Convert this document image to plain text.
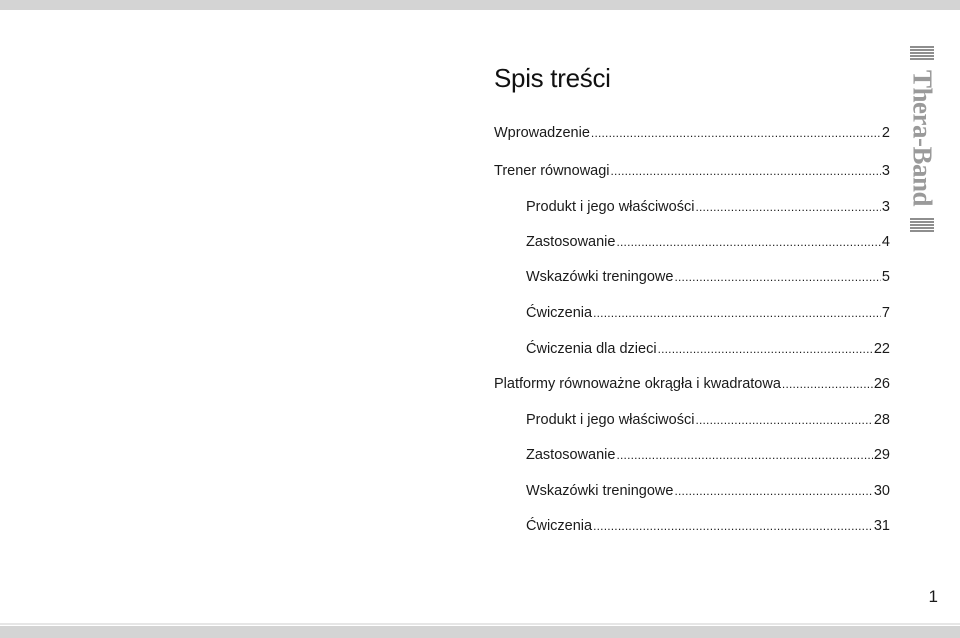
Spis treści
Wprowadzenie .....	2
Trener równowagi .....	3
Produkt i jego właściwości .....	3
Zastosowanie .....	4
Wskazówki treningowe .....	5
Ćwiczenia .....	7
Ćwiczenia dla dzieci .....	22
Platformy równoważne okrągła i kwadratowa .....	26
Produkt i jego właściwości .....	28
Zastosowanie .....	29
Wskazówki treningowe .....	30
Ćwiczenia .....	31
Thera-Band
1
